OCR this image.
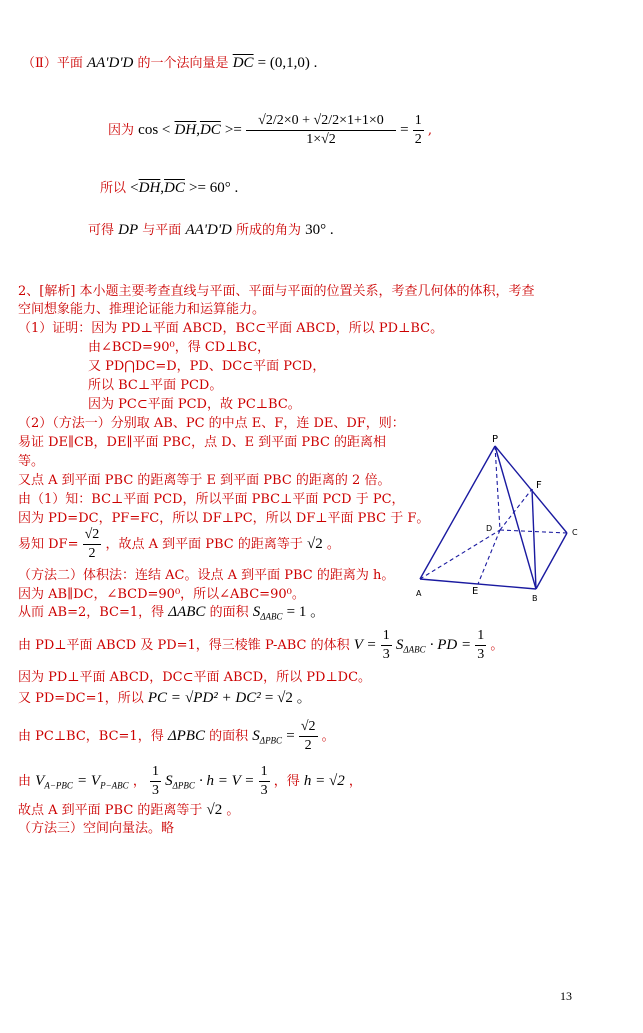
（Ⅱ）平面 AA'D'D 的一个法向量是 $\overline{DC} = (0,1,0)$ .
因为 $\cos < \overline{DH},\overline{DC} >= \frac{√2/2\times 0 + √2/2\times 1+1\times 0}{1\times√2} = \frac{1}{2}$ ,
所以 $<\overline{DH},\overline{DC} >= 60^\circ$ .
可得 DP 与平面 AA'D'D 所成的角为 30° .
2、[解析] 本小题主要考查直线与平面、平面与平面的位置关系，考查几何体的体积，考查
空间想象能力、推理论证能力和运算能力。
（1）证明：因为 PD⊥平面 ABCD，BC⊂平面 ABCD，所以 PD⊥BC。
由∠BCD=90⁰，得 CD⊥BC，
又 PD⋂DC=D，PD、DC⊂平面 PCD，
所以 BC⊥平面 PCD。
因为 PC⊂平面 PCD，故 PC⊥BC。
（2）（方法一）分别取 AB、PC 的中点 E、F，连 DE、DF，则：
易证 DE∥CB，DE∥平面 PBC，点 D、E 到平面 PBC 的距离相
等。
又点 A 到平面 PBC 的距离等于 E 到平面 PBC 的距离的 2 倍。
由（1）知：BC⊥平面 PCD，所以平面 PBC⊥平面 PCD 于 PC，
因为 PD=DC，PF=FC，所以 DF⊥PC，所以 DF⊥平面 PBC 于 F。
易知 $DF= \frac{√2}{2}$ ，故点 A 到平面 PBC 的距离等于 √2 。
（方法二）体积法：连结 AC。设点 A 到平面 PBC 的距离为 h。
因为 AB∥DC，∠BCD=90⁰，所以∠ABC=90⁰。
从而 AB=2，BC=1，得 ΔABC 的面积 $S_{\Delta ABC} = 1$ 。
由 PD⊥平面 ABCD 及 PD=1，得三棱锥 P-ABC 的体积 $V = \frac{1}{3} S_{\Delta ABC}$ · PD = $\frac{1}{3}$ 。
因为 PD⊥平面 ABCD，DC⊂平面 ABCD，所以 PD⊥DC。
又 PD=DC=1，所以 PC = √PD² + DC² = √2 。
由 PC⊥BC，BC=1，得 ΔPBC 的面积 $S_{\Delta PBC} = \frac{√2}{2}$ 。
由 $V_{A-PBC} = V_{P-ABC}$ ， $\frac{1}{3} S_{\Delta PBC} \cdot h = V = \frac{1}{3}$ ，得 h = √2 ，
故点 A 到平面 PBC 的距离等于 √2 。
（方法三）空间向量法。略
P
F
D	C
A	E
B
13
